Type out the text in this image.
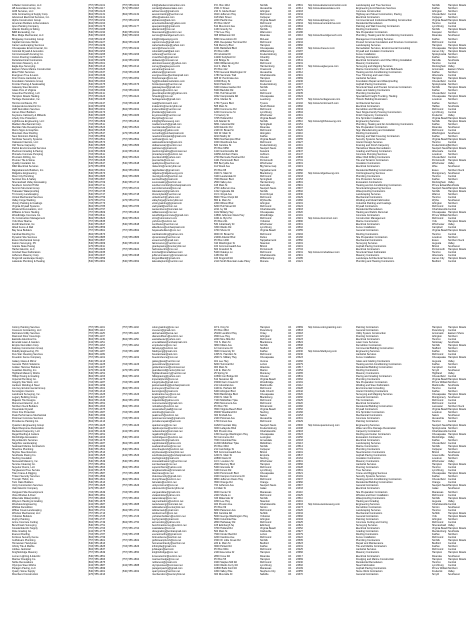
A Better Construction, LLC	(757) 555-0101	(757) 555-0102	info@abetterconstruction.com	P.O. Box 1012	Norfolk	VA	23501	http://www.abetterconstruction.com	Landscaping and Tree Services	Norfolk	Hampton Roads
AB Associates Group, Inc.	(571) 555-0117	(571) 555-0118	contact@abassociates.com	1501 K Street	Alexandria	VA	22314	http://www.abassociates.com	Engineering & Architecture Services	Fairfax	Northern
ACB Services, LLC	(703) 555-0123		acbservices@gmail.com	210 N. Glebe Road	Arlington	VA	22203		Concrete Construction	Arlington	Northern
ACE Contracting & Supply Corp.	(804) 555-0131	(804) 555-0132	acecontracting@verizon.net	4910 Jefferson Hwy	Richmond	VA	23234		Highway and Street Construction, Paving	Chesterfield	Central
Advanced Electrical Services, Inc.	(540) 555-0141		office@advelec.com	118 Main Street	Culpeper	VA	22701		Electrical Contractors	Culpeper	Northern
Alpha Construction Group	(757) 555-0152	(757) 555-0153	alphaconst@aol.com	2200 Pacific Ave	Virginia Beach	VA	23451	http://www.alphacg.com	Commercial and Institutional Building Construction	Virginia Beach	Hampton Roads
American Builders & Remodelers	(804) 555-0164		americanbuilders@yahoo.com	PO Box 34217	Richmond	VA	23234	http://www.americanbrva.com	Residential Remodelers	Henrico	Central
Apex Painting Company	(434) 555-0176	(434) 555-0177	apexpainting@gmail.com	612 Rivermont Ave	Lynchburg	VA	24504		Painting and Wall Covering Contractors	Lynchburg	Central
Atlantic Roofing & Siding	(757) 555-0188		atlanticroof@cox.net	1430 Granby St	Norfolk	VA	23510		Roofing Contractors	Norfolk	Hampton Roads
B&B Excavating, Inc.	(540) 555-0190	(540) 555-0191	bbexcavating@verizon.net	7722 Lee Hwy	Warrenton	VA	20186		Site Preparation Contractors	Fauquier	Northern
Blue Ridge Mechanical, LLC	(540) 555-0203	(540) 555-0204	service@blueridgemech.com	308 Williamson Rd	Roanoke	VA	24016	http://www.blueridgemech.com	Plumbing, Heating and Air-Conditioning Contractors	Roanoke	Southwest
Bridgeway Consulting Group	(703) 555-0215		info@bridgewaycg.com	8300 Greensboro Dr	McLean	VA	22102		Management Consulting Services	Fairfax	Northern
Capital Concrete Works	(804) 555-0227	(804) 555-0228	capconcrete@gmail.com	2901 Deepwater Terminal Rd	Richmond	VA	23234		Poured Concrete Foundation and Structure Contractors	Richmond	Central
Carter Landscaping Services	(757) 555-0239		carterlandscape@yahoo.com	519 Mercury Blvd	Hampton	VA	23666		Landscaping Services	Hampton	Hampton Roads
Chesapeake Environmental, Inc.	(757) 555-0241	(757) 555-0242	ceinc@chesenv.com	1001 Battlefield Blvd	Chesapeake	VA	23320	http://www.chesenv.com	Remediation Services, Environmental Consulting	Chesapeake	Hampton Roads
Colonial Drywall & Acoustics	(804) 555-0253		colonialdrywall@aol.com	PO Box 1180	Williamsburg	VA	23187		Drywall and Insulation Contractors	James City	Hampton Roads
Commonwealth Fencing Co.	(540) 555-0265	(540) 555-0266	cwfence@verizon.net	45 Industrial Dr	Fredericksburg	VA	22408		Fence Installation	Spotsylvania	Northern
Crown Flooring Installations	(703) 555-0277		crownfloors@gmail.com	14200 Sullyfield Cir	Chantilly	VA	20151		Flooring Contractors	Fairfax	Northern
Delta Electrical Contractors	(434) 555-0289	(434) 555-0290	deltaelec@comcast.net	210 Bridge St	Danville	VA	24541		Electrical Contractors and Other Wiring Installation	Danville	Southside
Dominion Masonry, LLC	(804) 555-0301		dominionmasonry@yahoo.com	3309 Williamsburg Rd	Richmond	VA	23231		Masonry Contractors	Henrico	Central
Eagle Eye Surveying	(540) 555-0313	(540) 555-0314	survey@eagleeyeva.com	112 S. Main St	Harrisonburg	VA	22801	http://www.eagleeyeva.com	Surveying and Mapping Services	Rockingham	Valley
Eastern Shore Marine Construction	(757) 555-0325		esmarine@esva.net	PO Box 412	Onancock	VA	23417		Marine Construction, Piers and Bulkheads	Accomack	Eastern Shore
Elite HVAC Services	(703) 555-0337	(703) 555-0338	elitehvac@gmail.com	5700 General Washington Dr	Alexandria	VA	22312		Heating and Air-Conditioning Contractors	Fairfax	Northern
Evergreen Tree & Lawn	(434) 555-0349		evergreentree@embarqmail.com	1780 Seminole Trail	Charlottesville	VA	22901		Tree Trimming and Lawn Care	Albemarle	Central
First Choice Janitorial, Inc.	(757) 555-0351	(757) 555-0352	firstchoicejan@cox.net	925 W. Pembroke Ave	Hampton	VA	23669		Janitorial Services	Hampton	Hampton Roads
Foundation Solutions Group	(804) 555-0363		fsg@foundationsolutions.com	11500 Busy St	Richmond	VA	23236		Foundation Repair and Waterproofing	Chesterfield	Central
Frontier Paving & Sealcoating	(540) 555-0375	(540) 555-0376	frontierpaving@verizon.net	6010 Plank Rd	Fredericksburg	VA	22407		Asphalt Paving Contractors	Spotsylvania	Northern
Gateway Steel Erectors	(757) 555-0387		gatewaysteel@gmail.com	3400 Azalea Garden Rd	Norfolk	VA	23513		Structural Steel and Precast Concrete Contractors	Norfolk	Hampton Roads
Glass Pros of Virginia	(703) 555-0399	(703) 555-0400	glasspros@verizon.net	8100 Backlick Rd	Lorton	VA	22079		Glass and Glazing Contractors	Fairfax	Northern
Greenline Plumbing, LLC	(804) 555-0411		greenlineplumbing@yahoo.com	7301 Hull Street Rd	Richmond	VA	23235		Plumbing Contractors	Chesterfield	Central
Hampton Roads Hauling	(757) 555-0423	(757) 555-0424	hrhauling@cox.net	1822 Campostella Rd	Chesapeake	VA	23324		Specialized Freight Trucking, Hauling	Chesapeake	Hampton Roads
Heritage Restoration, Inc.	(540) 555-0435		heritageresto@gmail.com	29 E. Market St	Leesburg	VA	20176	http://www.heritageresto.com	Historic Building Restoration	Loudoun	Northern
Horizon Architects, PC	(703) 555-0447	(703) 555-0448	mail@horizonarch.com	1750 Tysons Blvd	Tysons	VA	22102	http://www.horizonarch.com	Architectural Services	Fairfax	Northern
Independence Electric Co.	(434) 555-0459		indelectric@centurylink.net	505 Main St	South Boston	VA	24592		Electrical Contractors	Halifax	Southside
J&M Demolition Services	(804) 555-0461	(804) 555-0462	jmdemolition@verizon.net	4800 Commerce Rd	Richmond	VA	23234		Demolition and Wrecking	Richmond	Central
James River Builders	(434) 555-0473		jrbuilders@gmail.com	1200 Commerce St	Lynchburg	VA	24504		New Single-Family Housing Construction	Lynchburg	Central
Keystone Cabinetry & Millwork	(540) 555-0485	(540) 555-0486	keystonecab@verizon.net	71 Factory St	Winchester	VA	22601		Finish Carpentry Contractors	Frederick	Valley
Liberty Fire Protection	(757) 555-0497		libertyfire@cox.net	3705 Holland Rd	Virginia Beach	VA	23452		Fire Sprinkler Installation	Virginia Beach	Hampton Roads
Lighthouse Engineering, LLC	(757) 555-0509	(757) 555-0510	info@lighthouseeng.com	120 Atlantic St	Norfolk	VA	23510	http://www.lighthouseeng.com	Engineering Services	Norfolk	Hampton Roads
Madison Mechanical Corp.	(703) 555-0511		madisonmech@gmail.com	6801 Industrial Rd	Springfield	VA	22151		Plumbing, Heating and Air-Conditioning Contractors	Fairfax	Northern
Meridian Site Development	(540) 555-0523	(540) 555-0524	meridiansite@verizon.net	4200 Electric Rd	Roanoke	VA	24018		Site Preparation Contractors	Roanoke	Southwest
Metro Signs & Graphics	(804) 555-0535		metrosigns@yahoo.com	2109 W. Broad St	Richmond	VA	23220		Sign Manufacturing and Installation	Richmond	Central
Mountain View Roofing	(276) 555-0547	(276) 555-0548	mvroofing@embarqmail.com	300 W. Main St	Abingdon	VA	24210		Roofing Contractors	Washington	Southwest
New Dominion Painting	(703) 555-0559		newdominionpaint@gmail.com	9210 Mathy Dr	Fairfax	VA	22031		Painting and Wall Covering Contractors	Fairfax	Northern
Northstar Security Systems	(757) 555-0561	(757) 555-0562	northstar@cox.net	5800 Northampton Blvd	Virginia Beach	VA	23455		Security Systems Services	Virginia Beach	Hampton Roads
Oakwood Interiors, LLC	(804) 555-0573		oakwoodinteriors@aol.com	1600 Westbrook Ave	Richmond	VA	23227		Interior Design Services	Henrico	Central
Old Towne Carpentry	(540) 555-0585	(540) 555-0586	oldtownecarp@verizon.net	820 Caroline St	Fredericksburg	VA	22401		Framing and Finish Carpentry	Fredericksburg	Northern
Patriot Environmental Services	(757) 555-0597		patriotenv@gmail.com	PO Box 6650	Newport News	VA	23606		Hazardous Waste Remediation	Newport News	Hampton Roads
Piedmont Grading & Paving	(434) 555-0609	(434) 555-0610	piedmontgrading@comcast.net	1410 Gordonsville Rd	Keswick	VA	22947		Grading and Paving Contractors	Albemarle	Central
Pinnacle Concrete Pumping	(703) 555-0611		pinnaclepump@verizon.net	44050 Ashburn Plaza	Ashburn	VA	20147		Concrete Pumping Services	Loudoun	Northern
Precision Drilling, Inc.	(804) 555-0623	(804) 555-0624	precisiondrill@yahoo.com	2700 Bermuda Hundred Rd	Chester	VA	23836		Water Well Drilling Contractors	Chesterfield	Central
Premier Tile & Stone	(757) 555-0635		premiertile@cox.net	4101 Portsmouth Blvd	Portsmouth	VA	23701		Tile and Terrazzo Contractors	Portsmouth	Hampton Roads
Quality Insulation Co.	(540) 555-0647	(540) 555-0648	qualityinsul@verizon.net	655 Berryville Ave	Winchester	VA	22601		Insulation Contractors	Winchester	Valley
R&D Electrical Services	(276) 555-0659		rdelectric@centurylink.net	112 Wood Ave	Big Stone Gap	VA	24219		Electrical Contractors	Wise	Southwest
Rappahannock Builders, Inc.	(804) 555-0661	(804) 555-0662	rappbuilders@gmail.com	PO Box 88	Tappahannock	VA	22560		Residential Building Construction	Essex	Northern Neck
Ridgeline Engineering	(540) 555-0673		ridgeline@ridgelineeng.com	1900 S. Main St	Blacksburg	VA	24060	http://www.ridgelineeng.com	Civil Engineering Services	Montgomery	Southwest
River City Plumbing	(804) 555-0685	(804) 555-0686	rivercityplumb@verizon.net	3100 Lauderdale Dr	Richmond	VA	23233		Plumbing Contractors	Henrico	Central
Sentinel Fire & Safety	(703) 555-0697		sentinelfire@gmail.com	7600 Boston Blvd	Springfield	VA	22153		Fire Protection Services	Fairfax	Northern
Shenandoah Valley Excavating	(540) 555-0709	(540) 555-0710	svexcavating@verizon.net	2500 Valley Ave	Harrisonburg	VA	22801		Excavation Contractors	Rockingham	Valley
Southern Comfort HVAC	(434) 555-0711		southerncomfort@embarqmail.com	415 Main St	Farmville	VA	23901		Heating and Air-Conditioning Contractors	Prince Edward	Southside
Summit Structural Group	(757) 555-0723	(757) 555-0724	summitstructural@cox.net	2700 Jefferson Ave	Newport News	VA	23607		Structural Engineering Services	Newport News	Hampton Roads
Tidewater Waterproofing	(757) 555-0735		tidewaterwp@gmail.com	1312 Ingleside Rd	Norfolk	VA	23502		Waterproofing Contractors	Norfolk	Hampton Roads
Tri-County Landscaping	(540) 555-0747	(540) 555-0748	tricountyland@verizon.net	19 N. Royal Ave	Front Royal	VA	22630		Landscaping Services	Warren	Northern
United Mechanical Services	(804) 555-0759		unitedmech@yahoo.com	8900 Three Chopt Rd	Richmond	VA	23229		Mechanical Contractors	Henrico	Central
Valley Forge Welding	(276) 555-0761	(276) 555-0762	valleyforge@centurylink.net	860 E. Main St	Wytheville	VA	24382		Welding and Metal Fabrication	Wythe	Southwest
Victory Painting & Coatings	(703) 555-0773		victorypainting@gmail.com	2300 Wilson Blvd	Arlington	VA	22201		Industrial Painting and Coatings	Arlington	Northern
Virginia Drywall Systems	(804) 555-0785	(804) 555-0786	vadrywall@verizon.net	6200 Hull Street Rd	Richmond	VA	23224		Drywall Contractors	Richmond	Central
Westend Renovations, LLC	(434) 555-0797		westendreno@comcast.net	2211 Ivy Rd	Charlottesville	VA	22903		Residential Remodelers	Charlottesville	Central
Williams & Sons Hauling	(757) 555-0809	(757) 555-0810	williamssons@cox.net	1102 Military Hwy	Chesapeake	VA	23320		Hauling and Debris Removal	Chesapeake	Hampton Roads
Woodbridge Concrete Co.	(703) 555-0811		woodbridgeconcrete@gmail.com	13800 Jefferson Davis Hwy	Woodbridge	VA	22191		Concrete Contractors	Prince William	Northern
XL Construction Management	(804) 555-0823	(804) 555-0824	xlcm@xlconstruct.com	1001 E. Byrd St	Richmond	VA	23219	http://www.xlconstruct.com	Construction Management	Richmond	Central
York River Marine	(757) 555-0835		yorkriver@verizon.net	PO Box 221	Yorktown	VA	23690		Marine Construction	York	Hampton Roads
Zenith Electrical, Inc.	(540) 555-0847	(540) 555-0848	zenithelec@verizon.net	530 Jubal Early Dr	Winchester	VA	22601		Electrical Contractors	Winchester	Valley
Allied Fence & Rail	(434) 555-0859		alliedfence@embarqmail.com	3300 Wards Rd	Lynchburg	VA	24502		Fence Installation	Campbell	Central
Bay Area Builders	(757) 555-0861	(757) 555-0862	bayareabuilders@cox.net	4700 Shore Dr	Virginia Beach	VA	23455		General Contractors	Virginia Beach	Hampton Roads
Cardinal Roofing Co.	(804) 555-0873		cardinalroofing@yahoo.com	9000 W. Broad St	Richmond	VA	23294		Roofing Contractors	Henrico	Central
Dynamic Site Services	(703) 555-0885	(703) 555-0886	dynamicsite@verizon.net	21000 Atlantic Blvd	Dulles	VA	20166		Site Preparation Contractors	Loudoun	Northern
Essex Mechanical Group	(804) 555-0897		essexmech@gmail.com	PO Box 1490	Tappahannock	VA	22560		Mechanical Contractors	Essex	Northern Neck
Falcon Surveying, PC	(540) 555-0909	(540) 555-0910	falconsurvey@verizon.net	310 Washington St	Staunton	VA	24401		Surveying Services	Augusta	Valley
Granite State Paving	(276) 555-0911		granitepaving@centurylink.net	100 Commonwealth Ave	Bristol	VA	24201		Asphalt Paving Contractors	Bristol	Southwest
Harbor Electric, LLC	(757) 555-0923	(757) 555-0924	harborelectric@cox.net	600 Crawford St	Portsmouth	VA	23704		Electrical Contractors	Portsmouth	Hampton Roads
Ironclad Steel Fabricators	(804) 555-0935		ironclad@ironcladsteel.com	5100 Oakleys Ln	Richmond	VA	23231	http://www.ironcladsteel.com	Structural Steel Fabrication	Henrico	Central
Jefferson Masonry Corp.	(434) 555-0947	(434) 555-0948	jeffersonmasonry@comcast.net	1450 Rio Rd	Charlottesville	VA	22901		Masonry Contractors	Albemarle	Central
Kingsmill Landscape Design	(757) 555-0959		kingsmillland@gmail.com	100 Kingsmill Rd	Williamsburg	VA	23185		Landscape Architectural Services	James City	Hampton Roads
Lakeside Plumbing & Heating	(540) 555-0961	(540) 555-0962	lakesideplumb@verizon.net	2110 Smith Mountain Lake Pkwy	Moneta	VA	24121		Plumbing and Heating Contractors	Bedford	Central
Colony Painting Services	(757) 555-1101	(757) 555-1102	colonypainting@cox.net	18 S. King St	Hampton	VA	23669	http://www.colonypainting.com	Painting Contractors	Hampton	Hampton Roads
Crescent Contracting, LLC	(804) 555-1113		crescent@gmail.com	PO Box 4510	Petersburg	VA	23803		General Contractors	Petersburg	Central
Delmarva Utility Services	(757) 555-1125	(757) 555-1126	delmarvautil@esva.net	25100 Lankford Hwy	Onley	VA	23418		Utility System Construction	Accomack	Eastern Shore
Diamond Floor Coverings	(703) 555-1137		diamondfloors@verizon.net	4500 Lee Hwy	Arlington	VA	22207		Flooring Contractors	Arlington	Northern
Eastside Electrical Co.	(804) 555-1149	(804) 555-1150	eastsideelec@yahoo.com	2200 Nine Mile Rd	Richmond	VA	23223		Electrical Contractors	Henrico	Central
Emerald Lawn & Garden	(434) 555-1151		emeraldlawn@embarqmail.com	700 S. Main St	Blackstone	VA	23824		Lawn Care Services	Nottoway	Southside
Empire Demolition Corp.	(757) 555-1163	(757) 555-1164	empiredemo@cox.net	3800 Killam Ave	Norfolk	VA	23508		Demolition Contractors	Norfolk	Hampton Roads
Fairway Construction Group	(540) 555-1175		fairwaycg@verizon.net	12 Commerce Dr	Stafford	VA	22554		Commercial Building Construction	Stafford	Northern
Fidelity Engineering, PC	(703) 555-1187	(703) 555-1188	fidelityeng@gmail.com	3900 University Dr	Fairfax	VA	22030	http://www.fidelityeng.com	Engineering Services	Fairfax	Northern
Five Star Cleaning Services	(804) 555-1199		fivestarclean@aol.com	1305 N. Hamilton St	Richmond	VA	23230		Janitorial Services	Richmond	Central
Freedom Fence Company	(757) 555-1201	(757) 555-1202	freedomfence@cox.net	2900 S. Military Hwy	Chesapeake	VA	23323		Fence Installation	Chesapeake	Hampton Roads
Galaxy Glass & Mirror	(540) 555-1213		galaxyglass@verizon.net	401 Lee Hwy	Verona	VA	24482		Glass and Glazing Contractors	Augusta	Valley
Genesis HVAC Solutions	(703) 555-1225	(703) 555-1226	genesishvac@gmail.com	8200 Terminal Rd	Lorton	VA	22079		Heating and Air-Conditioning Contractors	Fairfax	Northern
Golden Hammer Builders	(434) 555-1237		goldenhammer@comcast.net	900 Main St	Altavista	VA	24517		Residential Building Construction	Campbell	Central
Guardian Roofing, Inc.	(276) 555-1249	(276) 555-1250	guardianroof@centurylink.net	140 E. Main St	Marion	VA	24354		Roofing Contractors	Smyth	Southwest
Highland Masonry Works	(540) 555-1251		highlandmasonry@verizon.net	25 Spring St	Monterey	VA	24465		Masonry Contractors	Highland	Valley
Hilltop Paving & Grading	(804) 555-1263	(804) 555-1264	hilltoppaving@yahoo.com	10500 Iron Bridge Rd	Chester	VA	23831		Paving and Grading Contractors	Chesterfield	Central
Imperial Plumbing Co.	(757) 555-1275		imperialplumb@cox.net	612 Newtown Rd	Virginia Beach	VA	23462		Plumbing Contractors	Virginia Beach	Hampton Roads
Integrity Site Work, LLC	(703) 555-1287	(703) 555-1288	integritysite@gmail.com	15000 Farm Creek Dr	Woodbridge	VA	22191		Site Preparation Contractors	Prince William	Northern
Jackson Welding & Steel	(434) 555-1299		jacksonwelding@embarqmail.com	211 Industrial Ave	Martinsville	VA	24112		Welding and Steel Fabrication	Martinsville	Southside
Journey Environmental Group	(804) 555-1301	(804) 555-1302	journeyenv@verizon.net	4100 E. Parham Rd	Richmond	VA	23228		Environmental Consulting	Henrico	Central
Kensington Interiors	(703) 555-1313		kensington@gmail.com	6400 Arlington Blvd	Falls Church	VA	22042		Interior Finishing Contractors	Fairfax	Northern
Landmark Surveying, Inc.	(757) 555-1325	(757) 555-1326	landmarksurvey@cox.net	5000 Bainbridge Blvd	Chesapeake	VA	23320		Surveying and Mapping Services	Chesapeake	Hampton Roads
Legacy Building Group	(540) 555-1337		legacybg@verizon.net	1500 N. Main St	Blacksburg	VA	24060		General Contractors	Montgomery	Southwest
Majestic Tile Designs	(804) 555-1349	(804) 555-1350	majestictile@yahoo.com	7100 Midlothian Tpke	Richmond	VA	23225		Tile Contractors	Richmond	Central
Monument Electric, LLC	(804) 555-1351		monumentelec@gmail.com	2500 Monument Ave	Richmond	VA	23220		Electrical Contractors	Richmond	Central
Northern Neck Builders	(804) 555-1363	(804) 555-1364	nnbuilders@verizon.net	PO Box 700	Kilmarnock	VA	22482		Residential Building Construction	Lancaster	Northern Neck
Oceanside Drywall	(757) 555-1375		oceansidedrywall@cox.net	3500 Virginia Beach Blvd	Virginia Beach	VA	23452		Drywall Contractors	Virginia Beach	Hampton Roads
Orion Fire Protection	(703) 555-1387	(703) 555-1388	orionfire@gmail.com	45000 Woodland Rd	Sterling	VA	20166		Fire Sprinkler Contractors	Loudoun	Northern
Peak Performance Mechanical	(540) 555-1399		peakmech@verizon.net	300 Kimball Ave	Salem	VA	24153		Mechanical Contractors	Salem	Southwest
Potomac Concrete Services	(703) 555-1401	(703) 555-1402	potomacconcrete@gmail.com	2100 Potomac Ave	Alexandria	VA	22301		Concrete Contractors	Alexandria	Northern
Providence Painting Co.	(804) 555-1413		providencepaint@aol.com	1700 Forest Ave	Richmond	VA	23229		Painting Contractors	Henrico	Central
Quantum Engineering Group	(757) 555-1425	(757) 555-1426	quantumeng@cox.net	11820 Fountain Way	Newport News	VA	23606	http://www.quantumeng.com	Engineering Services	Newport News	Hampton Roads
Rapid Response Restoration	(540) 555-1437		rapidresponse@verizon.net	3000 Lafayette Blvd	Fredericksburg	VA	22408		Water and Fire Damage Restoration	Spotsylvania	Northern
Redwood Carpentry, LLC	(434) 555-1449	(434) 555-1450	redwoodcarp@comcast.net	820 Preston Ave	Charlottesville	VA	22903		Carpentry Contractors	Charlottesville	Central
Regal Roofing & Gutters	(757) 555-1451		regalroofing@cox.net	1300 George Washington Hwy	Chesapeake	VA	23323		Roofing and Gutter Contractors	Chesapeake	Hampton Roads
Rockbridge Excavation	(540) 555-1463	(540) 555-1464	rockbridgeexc@verizon.net	60 Commerce Rd	Lexington	VA	24450		Excavation Contractors	Rockbridge	Valley
Royal Electric Services	(703) 555-1475		royalelectric@gmail.com	7000 Columbia Pike	Annandale	VA	22003		Electrical Contractors	Fairfax	Northern
Sapphire Landscaping	(804) 555-1487	(804) 555-1488	sapphireland@yahoo.com	11300 Midlothian Tpke	Midlothian	VA	23113		Landscaping Services	Chesterfield	Central
Seaboard Marine Contractors	(757) 555-1499		seaboardmarine@cox.net	PO Box 3310	Norfolk	VA	23514		Marine Construction	Norfolk	Hampton Roads
Silverline Plumbing	(540) 555-1501	(540) 555-1502	silverlineplumb@verizon.net	211 Cambridge St	Culpeper	VA	22701		Plumbing Contractors	Culpeper	Northern
Skyline Steel Erectors	(276) 555-1513		skylinesteel@centurylink.net	505 Commonwealth Ave	Bristol	VA	24201		Steel Erection Contractors	Bristol	Southwest
Southside Paving Co.	(434) 555-1525	(434) 555-1526	southsidepaving@embarqmail.com	1200 N. Main St	Emporia	VA	23847		Asphalt Paving Contractors	Greensville	Southside
Sterling Insulation	(703) 555-1537		sterlinginsul@gmail.com	22800 Davis Dr	Sterling	VA	20164		Insulation Contractors	Loudoun	Northern
Stonewall Masonry, Inc.	(540) 555-1549	(540) 555-1550	stonewallmasonry@verizon.net	44 N. Loudoun St	Winchester	VA	22601		Masonry Contractors	Winchester	Valley
Sunrise Cleaning Co.	(757) 555-1551		sunriseclean@cox.net	2600 Mercury Blvd	Hampton	VA	23666		Janitorial Services	Hampton	Hampton Roads
Superior Floors, LLC	(804) 555-1563	(804) 555-1564	superiorfloors@yahoo.com	5400 Glenside Dr	Richmond	VA	23228		Flooring Contractors	Henrico	Central
Tanglewood Tree Service	(434) 555-1575		tanglewoodtree@comcast.net	3100 Forest Rd	Lynchburg	VA	24501		Tree Services	Lynchburg	Central
Titan Crane & Rigging	(757) 555-1587	(757) 555-1588	titancrane@cox.net	4200 Portsmouth Blvd	Chesapeake	VA	23321		Crane and Rigging Services	Chesapeake	Hampton Roads
Trident Security Services	(703) 555-1599		tridentsecurity@gmail.com	1900 Campus Commons Dr	Reston	VA	20191		Security Systems Services	Fairfax	Northern
Triumph HVAC, Inc.	(804) 555-1601	(804) 555-1602	triumphhvac@verizon.net	9800 Jefferson Davis Hwy	Richmond	VA	23237		Heating and Air-Conditioning Contractors	Chesterfield	Central
Twin Oaks Builders	(540) 555-1613		twinoaks@verizon.net	3500 Orange Rd	Orange	VA	22960		Residential Building Construction	Orange	Central
Unity Construction Services	(757) 555-1625	(757) 555-1626	unityconstruct@cox.net	700 Jefferson Ave	Newport News	VA	23607		General Contractors	Newport News	Hampton Roads
Valor Electric Company	(276) 555-1637		valorelectric@centurylink.net	14 Main St	Galax	VA	24333		Electrical Contractors	Galax	Southwest
Vanguard Site Development	(703) 555-1649	(703) 555-1650	vanguardsite@gmail.com	9000 Center St	Manassas	VA	20110		Site Preparation Contractors	Manassas	Northern
Vista Window & Door	(804) 555-1651		vistawindow@yahoo.com	2400 Sheila Ln	Richmond	VA	23225		Window and Door Installation	Richmond	Central
Waterside Waterproofing	(757) 555-1663	(757) 555-1664	watersidewp@cox.net	333 Waterside Dr	Norfolk	VA	23510		Waterproofing Contractors	Norfolk	Hampton Roads
Wayne's Hauling & Grading	(540) 555-1675		wayneshauling@verizon.net	1800 Lee Hwy	Staunton	VA	24401		Hauling and Grading	Augusta	Valley
Westview Engineering	(434) 555-1687	(434) 555-1688	westvieweng@comcast.net	400 Preston Ave	Charlottesville	VA	22903	http://www.westvieweng.com	Engineering Services	Charlottesville	Central
Wildcat Demolition	(276) 555-1699		wildcatdemo@centurylink.net	PO Box 99	Norton	VA	24273		Demolition Contractors	Norton	Southwest
Willow Creek Landscaping	(804) 555-1701	(804) 555-1702	willowcreek@gmail.com	6800 Patterson Ave	Richmond	VA	23226		Landscaping Services	Henrico	Central
Windsor Mechanical, LLC	(757) 555-1713		windsormech@cox.net	800 Carolina Rd	Suffolk	VA	23434		Mechanical Contractors	Suffolk	Hampton Roads
Yorktown Builders	(757) 555-1725	(757) 555-1726	yorktownbuilders@verizon.net	5000 George Washington Hwy	Yorktown	VA	23692		General Contractors	York	Hampton Roads
Zephyr Painting	(703) 555-1737		zephyrpaint@gmail.com	5600 Columbia Pike	Arlington	VA	22204		Painting Contractors	Arlington	Northern
Acme Concrete Cutting	(804) 555-1749	(804) 555-1750	acmecutting@yahoo.com	2800 Hathaway Rd	Richmond	VA	23225		Concrete Cutting and Coring	Richmond	Central
Benchmark Surveying	(540) 555-1751		benchmarksurvey@verizon.net	105 Edinburgh Sq	Edinburg	VA	22824		Surveying Services	Shenandoah	Valley
Coastal Electric Supply	(757) 555-1763	(757) 555-1764	coastalelec@cox.net	3700 Holland Rd	Virginia Beach	VA	23452		Electrical Contractors	Virginia Beach	Hampton Roads
Dixie Grading Co.	(434) 555-1775		dixiegrading@embarqmail.com	500 Main St	Clarksville	VA	23927		Grading Contractors	Mecklenburg	Southside
Everest Roofing	(703) 555-1787	(703) 555-1788	everestroofing@gmail.com	7900 Cinder Bed Rd	Lorton	VA	22079		Roofing Contractors	Fairfax	Northern
Fortress Security Fence	(804) 555-1799		fortressfence@verizon.net	4200 Carolina Ave	Richmond	VA	23222		Fence Installation	Richmond	Central
Gulfstream Plumbing	(757) 555-1801	(757) 555-1802	gulfstreamplumb@cox.net	1500 W. Little Creek Rd	Norfolk	VA	23505		Plumbing Contractors	Norfolk	Hampton Roads
Hometown Handyman	(540) 555-1813		hometownhandy@verizon.net	220 E. Main St	Bedford	VA	24523		Repair and Maintenance	Bedford	Central
Infinity Tile & Marble	(703) 555-1825	(703) 555-1826	infinitytile@gmail.com	3600 Pickett Rd	Fairfax	VA	22031		Tile and Marble Contractors	Fairfax	Northern
Jubilee Janitorial	(804) 555-1837		jubileejan@aol.com	PO Box 9011	Richmond	VA	23225		Janitorial Services	Richmond	Central
Knightsbridge Masonry	(757) 555-1849	(757) 555-1850	knightsbridge@cox.net	2100 Executive Dr	Hampton	VA	23666		Masonry Contractors	Hampton	Hampton Roads
Lumen Lighting & Electric	(540) 555-1851		lumenelectric@verizon.net	2800 Cove Rd	Roanoke	VA	24017		Electrical Contractors	Roanoke	Southwest
Mariner Dredging Co.	(757) 555-1863	(757) 555-1864	marinerdredge@cox.net	PO Box 55	Hampton	VA	23669		Dredging and Marine Construction	Hampton	Hampton Roads
Noble Renovations	(804) 555-1875		noblereno@gmail.com	1900 Staples Mill Rd	Richmond	VA	23230		Residential Remodelers	Henrico	Central
Olympus Steel Works	(434) 555-1887	(434) 555-1888	olympussteel@comcast.net	1000 Wards Ferry Rd	Lynchburg	VA	24502		Steel Fabrication	Lynchburg	Central
Paragon Paving, LLC	(703) 555-1899		paragonpaving@gmail.com	10800 Balls Ford Rd	Manassas	VA	20109		Asphalt Paving Contractors	Prince William	Northern
Quarry Stone Supply	(540) 555-1901	(540) 555-1902	quarrystone@verizon.net	4300 Valley Pike	Stephens City	VA	22655		Stone Work Contractors	Frederick	Valley
Riverbend Construction	(276) 555-1913		riverbendcon@centurylink.net	300 Riverside Dr	Saltville	VA	24370		General Contractors	Smyth	Southwest
